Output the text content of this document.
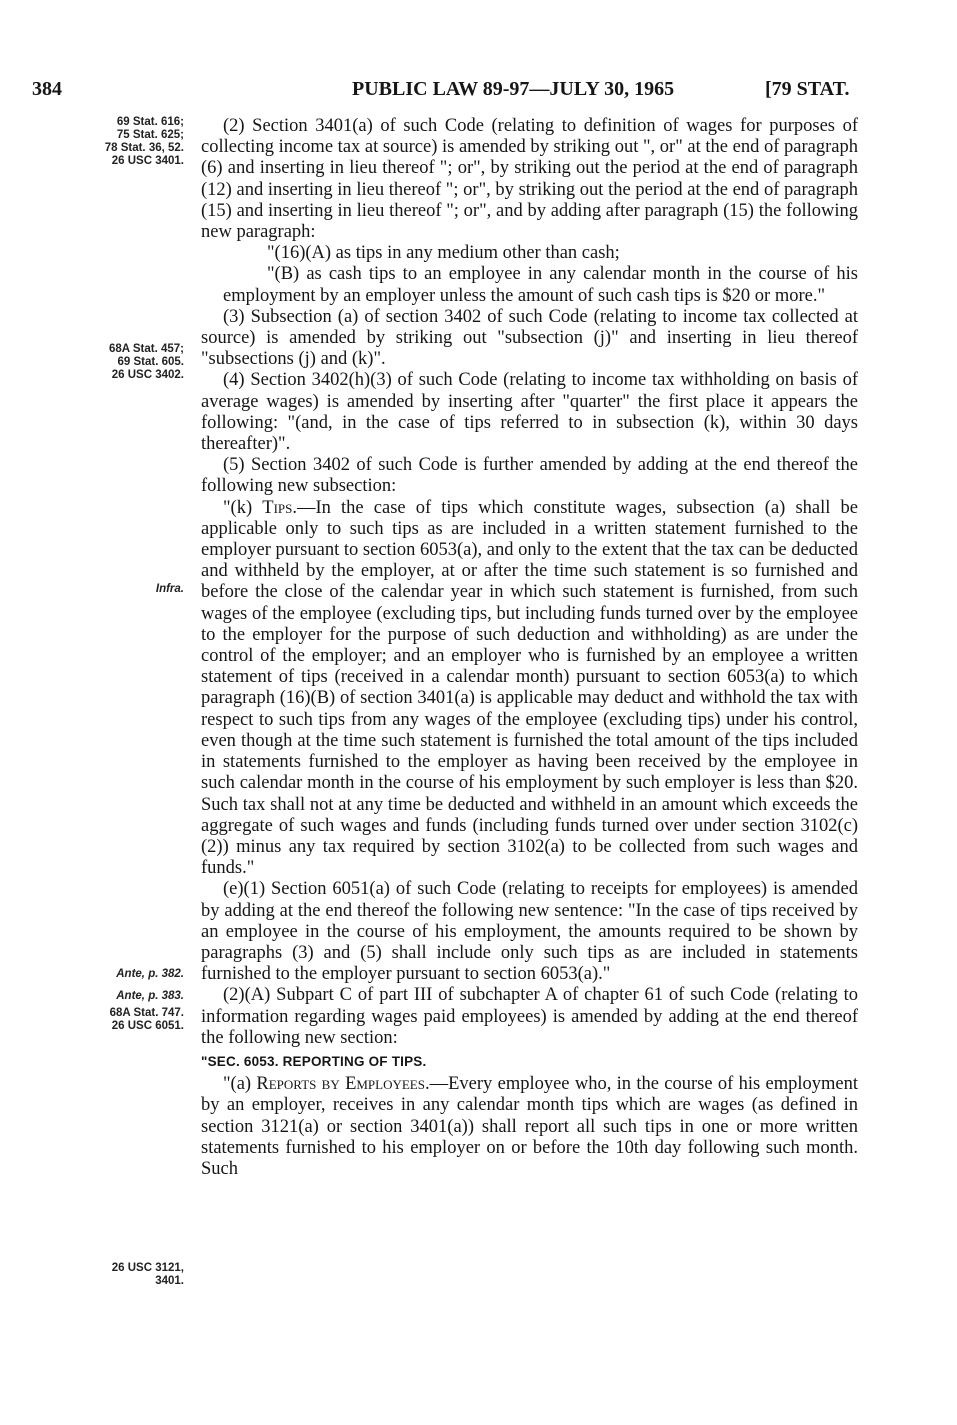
384	PUBLIC LAW 89-97—JULY 30, 1965	[79 STAT.
69 Stat. 616;
75 Stat. 625;
78 Stat. 36, 52.
26 USC 3401.
68A Stat. 457;
69 Stat. 605.
26 USC 3402.
Infra.
Ante, p. 382.
Ante, p. 383.
68A Stat. 747.
26 USC 6051.
26 USC 3121,
3401.

(2) Section 3401(a) of such Code (relating to definition of wages for purposes of collecting income tax at source) is amended by striking out ", or" at the end of paragraph (6) and inserting in lieu thereof "; or", by striking out the period at the end of paragraph (12) and inserting in lieu thereof "; or", by striking out the period at the end of paragraph (15) and inserting in lieu thereof "; or", and by adding after paragraph (15) the following new paragraph:

"(16)(A) as tips in any medium other than cash;

"(B) as cash tips to an employee in any calendar month in the course of his employment by an employer unless the amount of such cash tips is $20 or more."

(3) Subsection (a) of section 3402 of such Code (relating to income tax collected at source) is amended by striking out "subsection (j)" and inserting in lieu thereof "subsections (j) and (k)".

(4) Section 3402(h)(3) of such Code (relating to income tax withholding on basis of average wages) is amended by inserting after "quarter" the first place it appears the following: "(and, in the case of tips referred to in subsection (k), within 30 days thereafter)".

(5) Section 3402 of such Code is further amended by adding at the end thereof the following new subsection:

"(k) Tips.—In the case of tips which constitute wages, subsection (a) shall be applicable only to such tips as are included in a written statement furnished to the employer pursuant to section 6053(a), and only to the extent that the tax can be deducted and withheld by the employer, at or after the time such statement is so furnished and before the close of the calendar year in which such statement is furnished, from such wages of the employee (excluding tips, but including funds turned over by the employee to the employer for the purpose of such deduction and withholding) as are under the control of the employer; and an employer who is furnished by an employee a written statement of tips (received in a calendar month) pursuant to section 6053(a) to which paragraph (16)(B) of section 3401(a) is applicable may deduct and withhold the tax with respect to such tips from any wages of the employee (excluding tips) under his control, even though at the time such statement is furnished the total amount of the tips included in statements furnished to the employer as having been received by the employee in such calendar month in the course of his employment by such employer is less than $20. Such tax shall not at any time be deducted and withheld in an amount which exceeds the aggregate of such wages and funds (including funds turned over under section 3102(c)(2)) minus any tax required by section 3102(a) to be collected from such wages and funds."

(e)(1) Section 6051(a) of such Code (relating to receipts for employees) is amended by adding at the end thereof the following new sentence: "In the case of tips received by an employee in the course of his employment, the amounts required to be shown by paragraphs (3) and (5) shall include only such tips as are included in statements furnished to the employer pursuant to section 6053(a)."

(2)(A) Subpart C of part III of subchapter A of chapter 61 of such Code (relating to information regarding wages paid employees) is amended by adding at the end thereof the following new section:

"SEC. 6053. REPORTING OF TIPS.

"(a) Reports by Employees.—Every employee who, in the course of his employment by an employer, receives in any calendar month tips which are wages (as defined in section 3121(a) or section 3401(a)) shall report all such tips in one or more written statements furnished to his employer on or before the 10th day following such month. Such
